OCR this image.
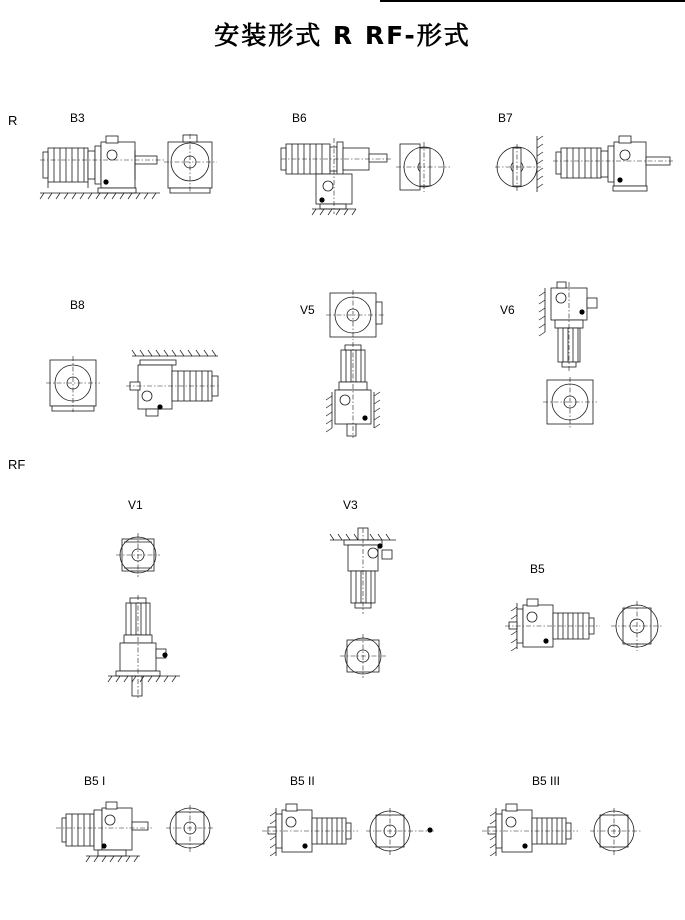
安装形式 R RF-形式
R
RF
B3	B6	B7
B8	V5	V6
V1	V3
B5
B5 I	B5 II	B5 III
